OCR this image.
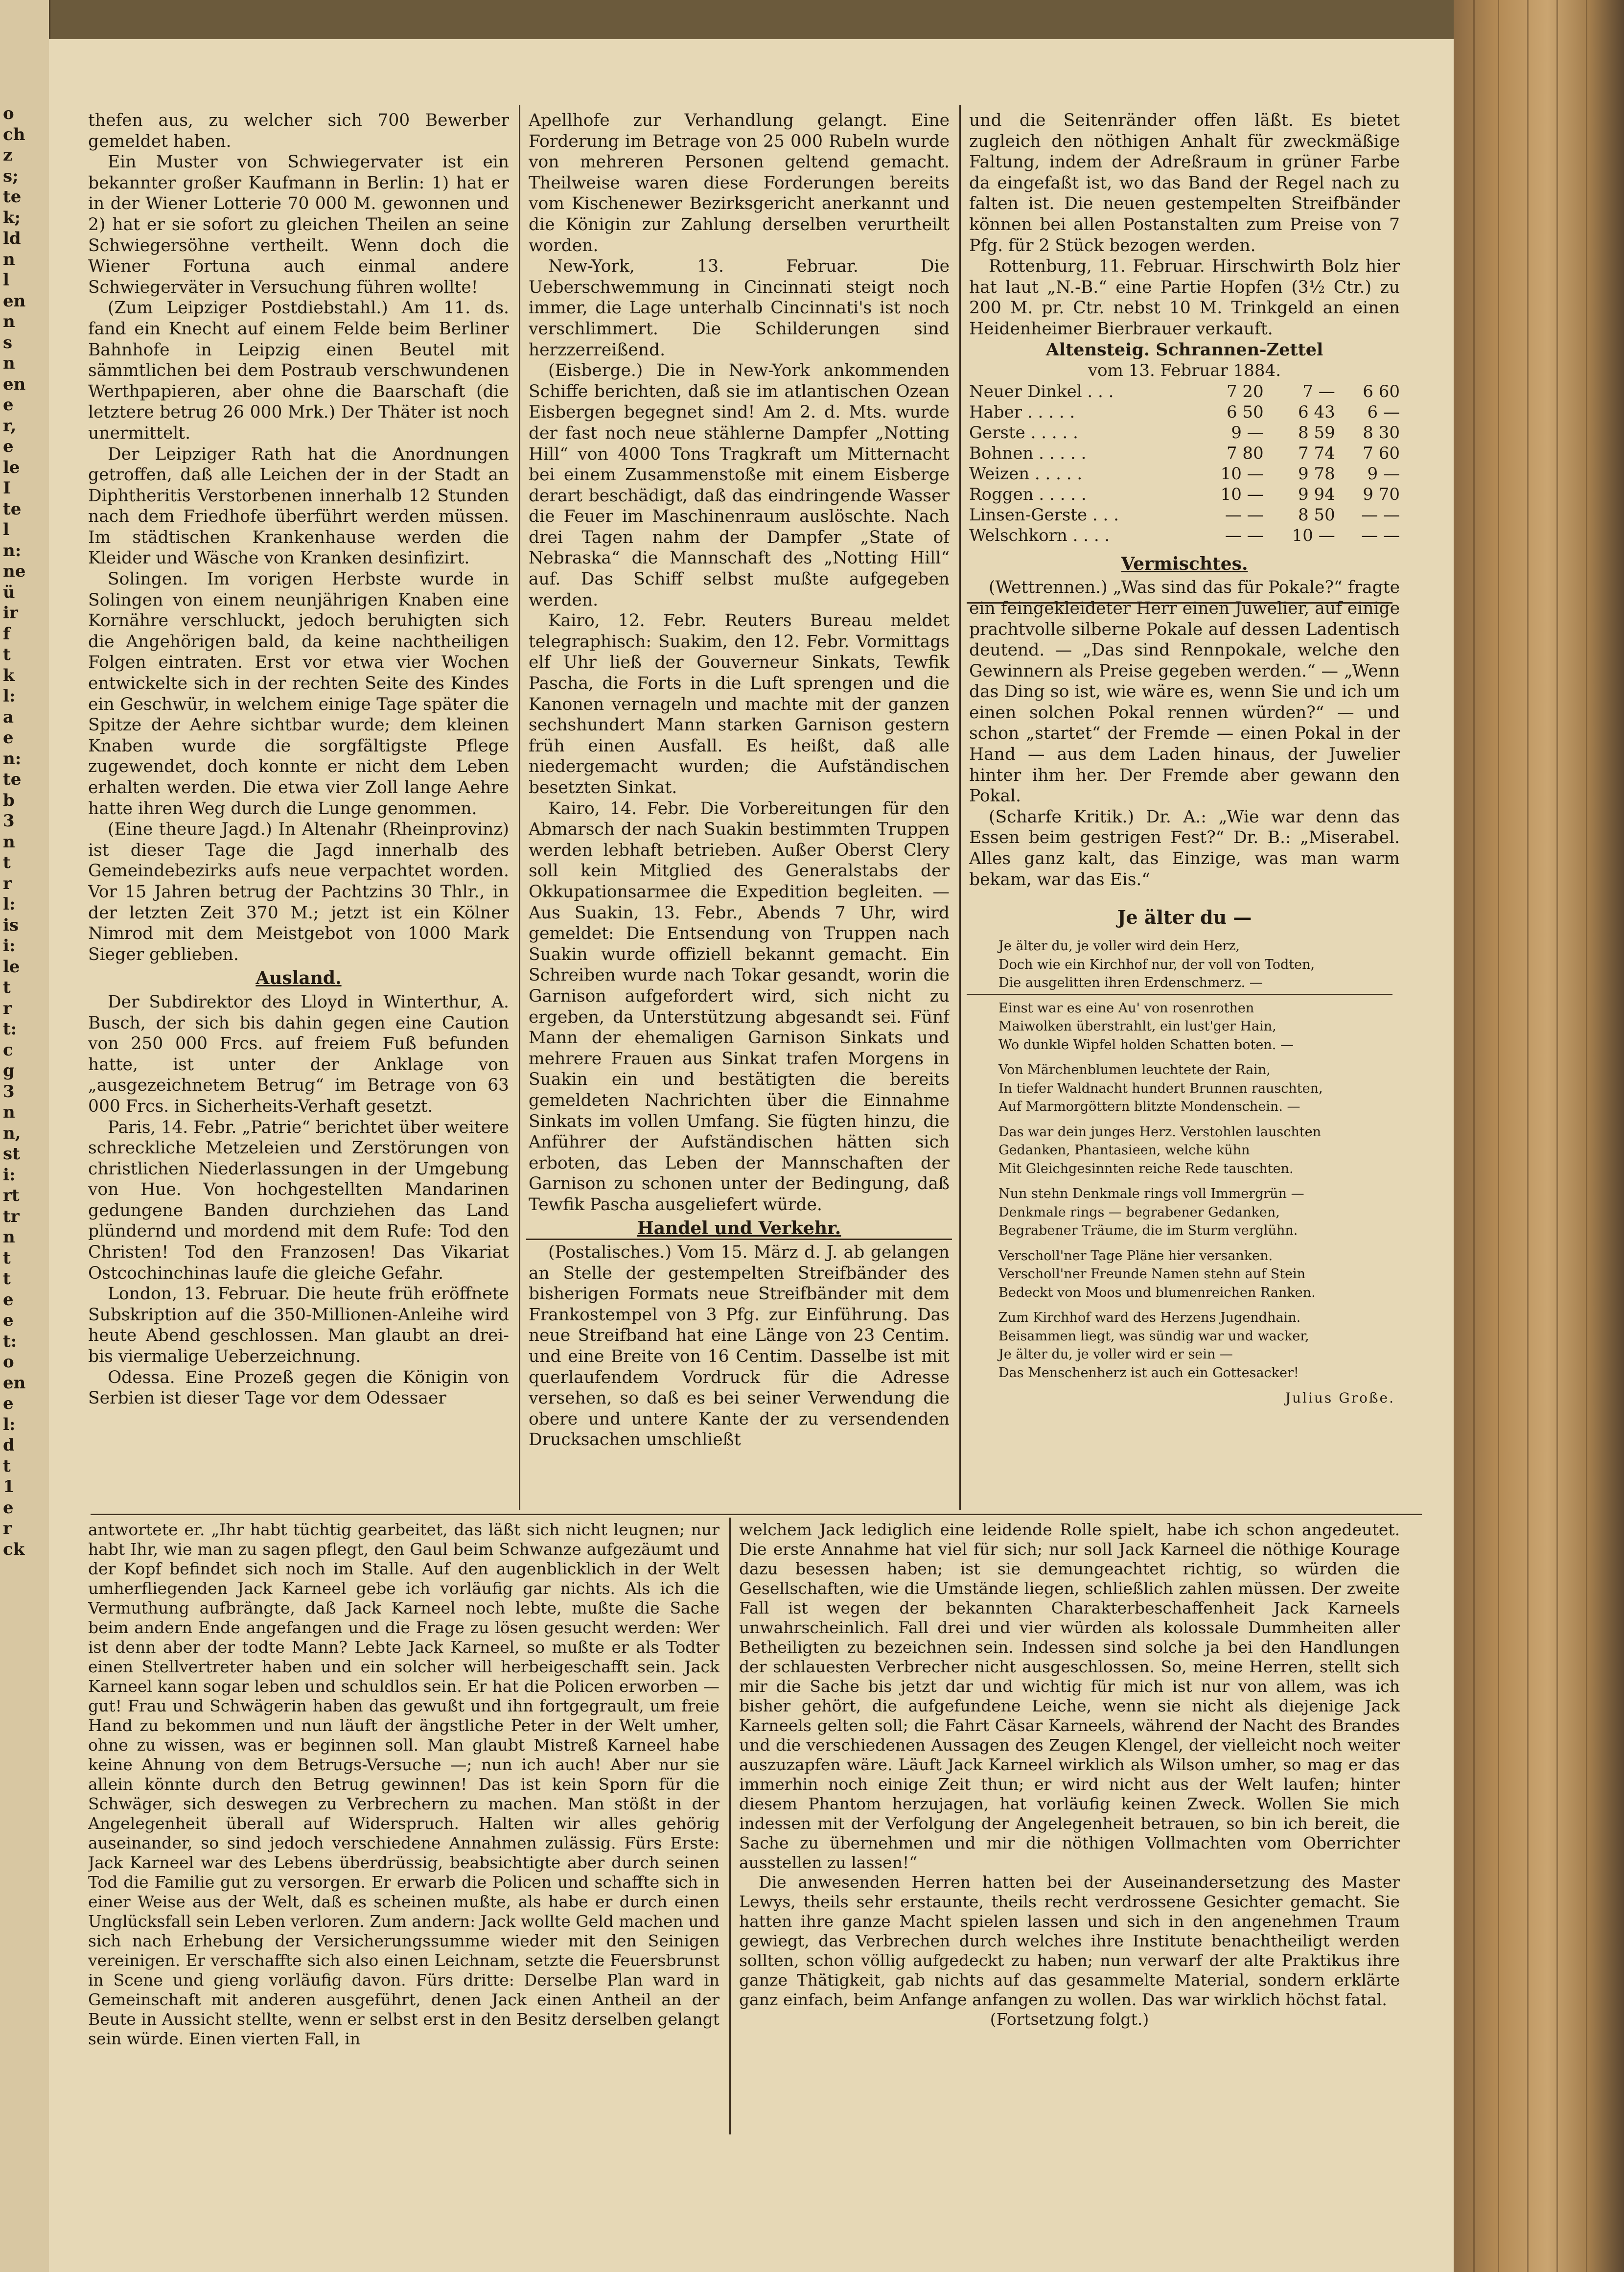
o
ch
z
s;
te
k;
ld
n
l
en
n
s
n
en
e
r,
e
le
I
te
l
n:
ne
ü
ir
f
t
k
l:
a
e
n:
te
b
3
n
t
r
l:
is
i:
le
t
r
t:
c
g
3
n
n,
st
i:
rt
tr
n
t
t
e
e
t:
o
en
e
l:
d
t
1
e
r
ck

thefen aus, zu welcher sich 700 Bewerber gemeldet haben.

Ein Muster von Schwiegervater ist ein bekannter großer Kaufmann in Berlin: 1) hat er in der Wiener Lotterie 70 000 M. gewonnen und 2) hat er sie sofort zu gleichen Theilen an seine Schwiegersöhne vertheilt. Wenn doch die Wiener Fortuna auch einmal andere Schwiegerväter in Versuchung führen wollte!

(Zum Leipziger Postdiebstahl.) Am 11. ds. fand ein Knecht auf einem Felde beim Berliner Bahnhofe in Leipzig einen Beutel mit sämmtlichen bei dem Postraub verschwundenen Werthpapieren, aber ohne die Baarschaft (die letztere betrug 26 000 Mrk.) Der Thäter ist noch unermittelt.

Der Leipziger Rath hat die Anordnungen getroffen, daß alle Leichen der in der Stadt an Diphtheritis Verstorbenen innerhalb 12 Stunden nach dem Friedhofe überführt werden müssen. Im städtischen Krankenhause werden die Kleider und Wäsche von Kranken desinfizirt.

Solingen. Im vorigen Herbste wurde in Solingen von einem neunjährigen Knaben eine Kornähre verschluckt, jedoch beruhigten sich die Angehörigen bald, da keine nachtheiligen Folgen eintraten. Erst vor etwa vier Wochen entwickelte sich in der rechten Seite des Kindes ein Geschwür, in welchem einige Tage später die Spitze der Aehre sichtbar wurde; dem kleinen Knaben wurde die sorgfältigste Pflege zugewendet, doch konnte er nicht dem Leben erhalten werden. Die etwa vier Zoll lange Aehre hatte ihren Weg durch die Lunge genommen.

(Eine theure Jagd.) In Altenahr (Rheinprovinz) ist dieser Tage die Jagd innerhalb des Gemeindebezirks aufs neue verpachtet worden. Vor 15 Jahren betrug der Pachtzins 30 Thlr., in der letzten Zeit 370 M.; jetzt ist ein Kölner Nimrod mit dem Meistgebot von 1000 Mark Sieger geblieben.

Ausland.

Der Subdirektor des Lloyd in Winterthur, A. Busch, der sich bis dahin gegen eine Caution von 250 000 Frcs. auf freiem Fuß befunden hatte, ist unter der Anklage von „ausgezeichnetem Betrug“ im Betrage von 63 000 Frcs. in Sicherheits-Verhaft gesetzt.

Paris, 14. Febr. „Patrie“ berichtet über weitere schreckliche Metzeleien und Zerstörungen von christlichen Niederlassungen in der Umgebung von Hue. Von hochgestellten Mandarinen gedungene Banden durchziehen das Land plündernd und mordend mit dem Rufe: Tod den Christen! Tod den Franzosen! Das Vikariat Ostcochinchinas laufe die gleiche Gefahr.

London, 13. Februar. Die heute früh eröffnete Subskription auf die 350-Millionen-Anleihe wird heute Abend geschlossen. Man glaubt an drei- bis viermalige Ueberzeichnung.

Odessa. Eine Prozeß gegen die Königin von Serbien ist dieser Tage vor dem Odessaer

Apellhofe zur Verhandlung gelangt. Eine Forderung im Betrage von 25 000 Rubeln wurde von mehreren Personen geltend gemacht. Theilweise waren diese Forderungen bereits vom Kischenewer Bezirksgericht anerkannt und die Königin zur Zahlung derselben verurtheilt worden.

New-York, 13. Februar. Die Ueberschwemmung in Cincinnati steigt noch immer, die Lage unterhalb Cincinnati's ist noch verschlimmert. Die Schilderungen sind herzzerreißend.

(Eisberge.) Die in New-York ankommenden Schiffe berichten, daß sie im atlantischen Ozean Eisbergen begegnet sind! Am 2. d. Mts. wurde der fast noch neue stählerne Dampfer „Notting Hill“ von 4000 Tons Tragkraft um Mitternacht bei einem Zusammenstoße mit einem Eisberge derart beschädigt, daß das eindringende Wasser die Feuer im Maschinenraum auslöschte. Nach drei Tagen nahm der Dampfer „State of Nebraska“ die Mannschaft des „Notting Hill“ auf. Das Schiff selbst mußte aufgegeben werden.

Kairo, 12. Febr. Reuters Bureau meldet telegraphisch: Suakim, den 12. Febr. Vormittags elf Uhr ließ der Gouverneur Sinkats, Tewfik Pascha, die Forts in die Luft sprengen und die Kanonen vernageln und machte mit der ganzen sechshundert Mann starken Garnison gestern früh einen Ausfall. Es heißt, daß alle niedergemacht wurden; die Aufständischen besetzten Sinkat.

Kairo, 14. Febr. Die Vorbereitungen für den Abmarsch der nach Suakin bestimmten Truppen werden lebhaft betrieben. Außer Oberst Clery soll kein Mitglied des Generalstabs der Okkupationsarmee die Expedition begleiten. — Aus Suakin, 13. Febr., Abends 7 Uhr, wird gemeldet: Die Entsendung von Truppen nach Suakin wurde offiziell bekannt gemacht. Ein Schreiben wurde nach Tokar gesandt, worin die Garnison aufgefordert wird, sich nicht zu ergeben, da Unterstützung abgesandt sei. Fünf Mann der ehemaligen Garnison Sinkats und mehrere Frauen aus Sinkat trafen Morgens in Suakin ein und bestätigten die bereits gemeldeten Nachrichten über die Einnahme Sinkats im vollen Umfang. Sie fügten hinzu, die Anführer der Aufständischen hätten sich erboten, das Leben der Mannschaften der Garnison zu schonen unter der Bedingung, daß Tewfik Pascha ausgeliefert würde.

Handel und Verkehr.

(Postalisches.) Vom 15. März d. J. ab gelangen an Stelle der gestempelten Streifbänder des bisherigen Formats neue Streifbänder mit dem Frankostempel von 3 Pfg. zur Einführung. Das neue Streifband hat eine Länge von 23 Centim. und eine Breite von 16 Centim. Dasselbe ist mit querlaufendem Vordruck für die Adresse versehen, so daß es bei seiner Verwendung die obere und untere Kante der zu versendenden Drucksachen umschließt

und die Seitenränder offen läßt. Es bietet zugleich den nöthigen Anhalt für zweckmäßige Faltung, indem der Adreßraum in grüner Farbe da eingefaßt ist, wo das Band der Regel nach zu falten ist. Die neuen gestempelten Streifbänder können bei allen Postanstalten zum Preise von 7 Pfg. für 2 Stück bezogen werden.

Rottenburg, 11. Februar. Hirschwirth Bolz hier hat laut „N.-B.“ eine Partie Hopfen (3½ Ctr.) zu 200 M. pr. Ctr. nebst 10 M. Trinkgeld an einen Heidenheimer Bierbrauer verkauft.

Altensteig. Schrannen-Zettel
vom 13. Februar 1884.
Neuer Dinkel . . .	7 20	7 —	6 60
Haber . . . . .	6 50	6 43	6 —
Gerste . . . . .	9 —	8 59	8 30
Bohnen . . . . .	7 80	7 74	7 60
Weizen . . . . .	10 —	9 78	9 —
Roggen . . . . .	10 —	9 94	9 70
Linsen-Gerste . . .	— —	8 50	— —
Welschkorn . . . .	— —	10 —	— —

Vermischtes.

(Wettrennen.) „Was sind das für Pokale?“ fragte ein feingekleideter Herr einen Juwelier, auf einige prachtvolle silberne Pokale auf dessen Ladentisch deutend. — „Das sind Rennpokale, welche den Gewinnern als Preise gegeben werden.“ — „Wenn das Ding so ist, wie wäre es, wenn Sie und ich um einen solchen Pokal rennen würden?“ — und schon „startet“ der Fremde — einen Pokal in der Hand — aus dem Laden hinaus, der Juwelier hinter ihm her. Der Fremde aber gewann den Pokal.

(Scharfe Kritik.) Dr. A.: „Wie war denn das Essen beim gestrigen Fest?“ Dr. B.: „Miserabel. Alles ganz kalt, das Einzige, was man warm bekam, war das Eis.“

Je älter du —
Je älter du, je voller wird dein Herz,
Doch wie ein Kirchhof nur, der voll von Todten,
Die ausgelitten ihren Erdenschmerz. —
Einst war es eine Au' von rosenrothen
Maiwolken überstrahlt, ein lust'ger Hain,
Wo dunkle Wipfel holden Schatten boten. —
Von Märchenblumen leuchtete der Rain,
In tiefer Waldnacht hundert Brunnen rauschten,
Auf Marmorgöttern blitzte Mondenschein. —
Das war dein junges Herz. Verstohlen lauschten
Gedanken, Phantasieen, welche kühn
Mit Gleichgesinnten reiche Rede tauschten.
Nun stehn Denkmale rings voll Immergrün —
Denkmale rings — begrabener Gedanken,
Begrabener Träume, die im Sturm verglühn.
Verscholl'ner Tage Pläne hier versanken.
Verscholl'ner Freunde Namen stehn auf Stein
Bedeckt von Moos und blumenreichen Ranken.
Zum Kirchhof ward des Herzens Jugendhain.
Beisammen liegt, was sündig war und wacker,
Je älter du, je voller wird er sein —
Das Menschenherz ist auch ein Gottesacker!
Julius Große.

antwortete er. „Ihr habt tüchtig gearbeitet, das läßt sich nicht leugnen; nur habt Ihr, wie man zu sagen pflegt, den Gaul beim Schwanze aufgezäumt und der Kopf befindet sich noch im Stalle. Auf den augenblicklich in der Welt umherfliegenden Jack Karneel gebe ich vorläufig gar nichts. Als ich die Vermuthung aufbrängte, daß Jack Karneel noch lebte, mußte die Sache beim andern Ende angefangen und die Frage zu lösen gesucht werden: Wer ist denn aber der todte Mann? Lebte Jack Karneel, so mußte er als Todter einen Stellvertreter haben und ein solcher will herbeigeschafft sein. Jack Karneel kann sogar leben und schuldlos sein. Er hat die Policen erworben — gut! Frau und Schwägerin haben das gewußt und ihn fortgegrault, um freie Hand zu bekommen und nun läuft der ängstliche Peter in der Welt umher, ohne zu wissen, was er beginnen soll. Man glaubt Mistreß Karneel habe keine Ahnung von dem Betrugs-Versuche —; nun ich auch! Aber nur sie allein könnte durch den Betrug gewinnen! Das ist kein Sporn für die Schwäger, sich deswegen zu Verbrechern zu machen. Man stößt in der Angelegenheit überall auf Widerspruch. Halten wir alles gehörig auseinander, so sind jedoch verschiedene Annahmen zulässig. Fürs Erste: Jack Karneel war des Lebens überdrüssig, beabsichtigte aber durch seinen Tod die Familie gut zu versorgen. Er erwarb die Policen und schaffte sich in einer Weise aus der Welt, daß es scheinen mußte, als habe er durch einen Unglücksfall sein Leben verloren. Zum andern: Jack wollte Geld machen und sich nach Erhebung der Versicherungssumme wieder mit den Seinigen vereinigen. Er verschaffte sich also einen Leichnam, setzte die Feuersbrunst in Scene und gieng vorläufig davon. Fürs dritte: Derselbe Plan ward in Gemeinschaft mit anderen ausgeführt, denen Jack einen Antheil an der Beute in Aussicht stellte, wenn er selbst erst in den Besitz derselben gelangt sein würde. Einen vierten Fall, in

welchem Jack lediglich eine leidende Rolle spielt, habe ich schon angedeutet. Die erste Annahme hat viel für sich; nur soll Jack Karneel die nöthige Kourage dazu besessen haben; ist sie demungeachtet richtig, so würden die Gesellschaften, wie die Umstände liegen, schließlich zahlen müssen. Der zweite Fall ist wegen der bekannten Charakterbeschaffenheit Jack Karneels unwahrscheinlich. Fall drei und vier würden als kolossale Dummheiten aller Betheiligten zu bezeichnen sein. Indessen sind solche ja bei den Handlungen der schlauesten Verbrecher nicht ausgeschlossen. So, meine Herren, stellt sich mir die Sache bis jetzt dar und wichtig für mich ist nur von allem, was ich bisher gehört, die aufgefundene Leiche, wenn sie nicht als diejenige Jack Karneels gelten soll; die Fahrt Cäsar Karneels, während der Nacht des Brandes und die verschiedenen Aussagen des Zeugen Klengel, der vielleicht noch weiter auszuzapfen wäre. Läuft Jack Karneel wirklich als Wilson umher, so mag er das immerhin noch einige Zeit thun; er wird nicht aus der Welt laufen; hinter diesem Phantom herzujagen, hat vorläufig keinen Zweck. Wollen Sie mich indessen mit der Verfolgung der Angelegenheit betrauen, so bin ich bereit, die Sache zu übernehmen und mir die nöthigen Vollmachten vom Oberrichter ausstellen zu lassen!“

Die anwesenden Herren hatten bei der Auseinandersetzung des Master Lewys, theils sehr erstaunte, theils recht verdrossene Gesichter gemacht. Sie hatten ihre ganze Macht spielen lassen und sich in den angenehmen Traum gewiegt, das Verbrechen durch welches ihre Institute benachtheiligt werden sollten, schon völlig aufgedeckt zu haben; nun verwarf der alte Praktikus ihre ganze Thätigkeit, gab nichts auf das gesammelte Material, sondern erklärte ganz einfach, beim Anfange anfangen zu wollen. Das war wirklich höchst fatal.

(Fortsetzung folgt.)
